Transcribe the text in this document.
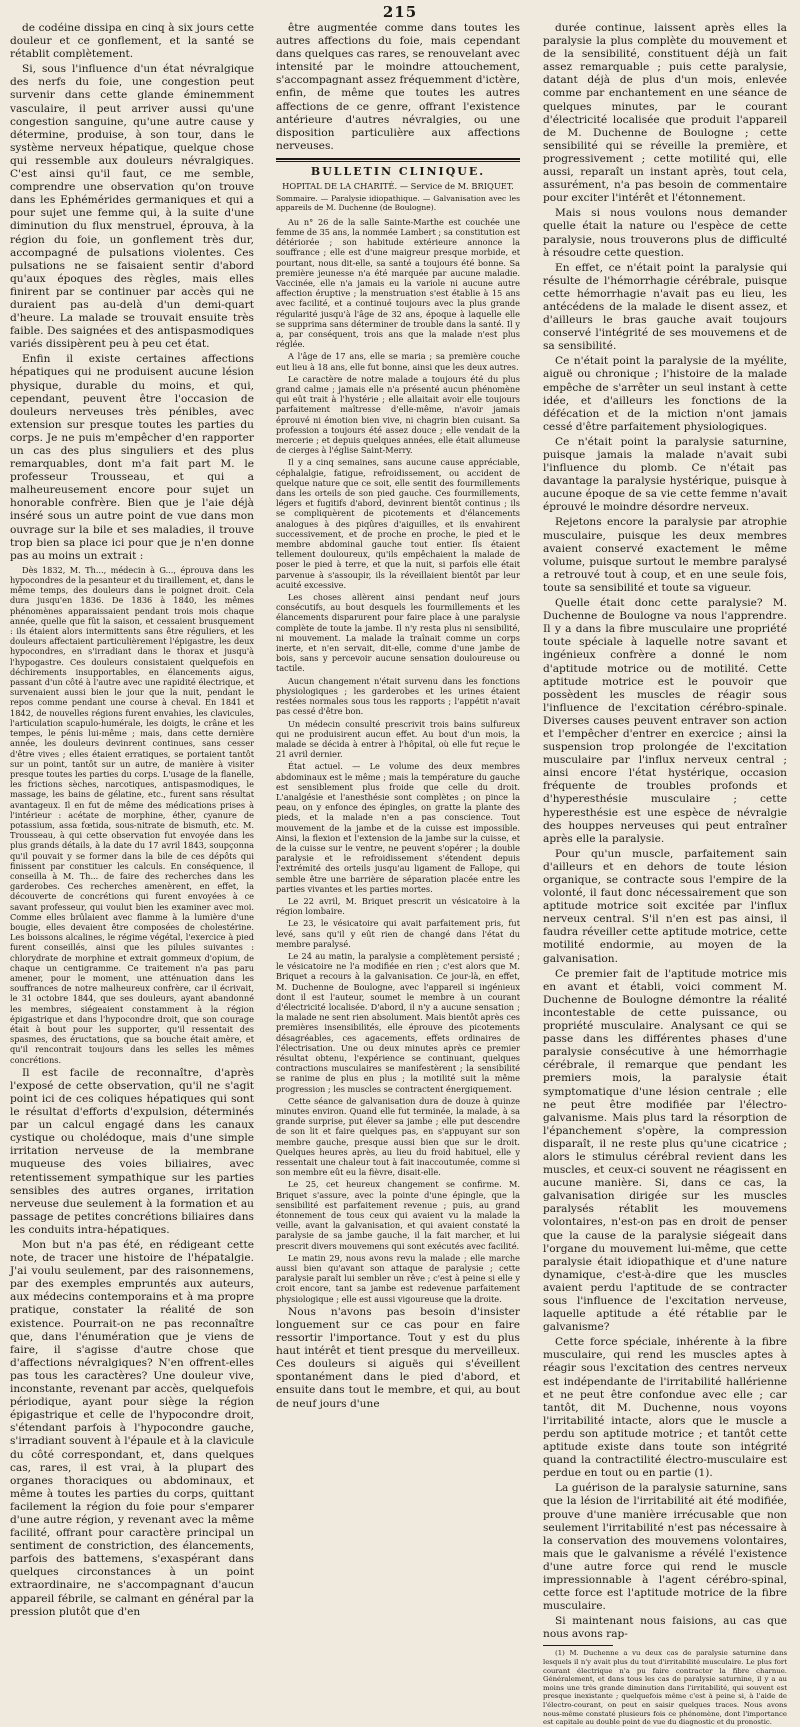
215

de codéine dissipa en cinq à six jours cette douleur et ce gonflement, et la santé se rétablit complètement.

Si, sous l'influence d'un état névralgique des nerfs du foie, une congestion peut survenir dans cette glande éminemment vasculaire, il peut arriver aussi qu'une congestion sanguine, qu'une autre cause y détermine, produise, à son tour, dans le système nerveux hépatique, quelque chose qui ressemble aux douleurs névralgiques. C'est ainsi qu'il faut, ce me semble, comprendre une observation qu'on trouve dans les Ephémérides germaniques et qui a pour sujet une femme qui, à la suite d'une diminution du flux menstruel, éprouva, à la région du foie, un gonflement très dur, accompagné de pulsations violentes. Ces pulsations ne se faisaient sentir d'abord qu'aux époques des règles, mais elles finirent par se continuer par accès qui ne duraient pas au-delà d'un demi-quart d'heure. La malade se trouvait ensuite très faible. Des saignées et des antispasmodiques variés dissipèrent peu à peu cet état.

Enfin il existe certaines affections hépatiques qui ne produisent aucune lésion physique, durable du moins, et qui, cependant, peuvent être l'occasion de douleurs nerveuses très pénibles, avec extension sur presque toutes les parties du corps. Je ne puis m'empêcher d'en rapporter un cas des plus singuliers et des plus remarquables, dont m'a fait part M. le professeur Trousseau, et qui a malheureusement encore pour sujet un honorable confrère. Bien que je l'aie déjà inséré sous un autre point de vue dans mon ouvrage sur la bile et ses maladies, il trouve trop bien sa place ici pour que je n'en donne pas au moins un extrait :

Dès 1832, M. Th..., médecin à G..., éprouva dans les hypocondres de la pesanteur et du tiraillement, et, dans le même temps, des douleurs dans le poignet droit. Cela dura jusqu'en 1836. De 1836 à 1840, les mêmes phénomènes apparaissaient pendant trois mois chaque année, quelle que fût la saison, et cessaient brusquement : ils étaient alors intermittents sans être réguliers, et les douleurs affectaient particulièrement l'épigastre, les deux hypocondres, en s'irradiant dans le thorax et jusqu'à l'hypogastre. Ces douleurs consistaient quelquefois en déchirements insupportables, en élancements aigus, passant d'un côté à l'autre avec une rapidité électrique, et survenaient aussi bien le jour que la nuit, pendant le repos comme pendant une course à cheval. En 1841 et 1842, de nouvelles régions furent envahies, les clavicules, l'articulation scapulo-humérale, les doigts, le crâne et les tempes, le pénis lui-même ; mais, dans cette dernière année, les douleurs devinrent continues, sans cesser d'être vives ; elles étaient erratiques, se portaient tantôt sur un point, tantôt sur un autre, de manière à visiter presque toutes les parties du corps. L'usage de la flanelle, les frictions sèches, narcotiques, antispasmodiques, le massage, les bains de gélatine, etc., furent sans résultat avantageux. Il en fut de même des médications prises à l'intérieur : acétate de morphine, éther, cyanure de potassium, assa fœtida, sous-nitrate de bismuth, etc. M. Trousseau, à qui cette observation fut envoyée dans les plus grands détails, à la date du 17 avril 1843, soupçonna qu'il pouvait y se former dans la bile de ces dépôts qui finissent par constituer les calculs. En conséquence, il conseilla à M. Th... de faire des recherches dans les garderobes. Ces recherches amenèrent, en effet, la découverte de concrétions qui furent envoyées à ce savant professeur, qui voulut bien les examiner avec moi. Comme elles brûlaient avec flamme à la lumière d'une bougie, elles devaient être composées de cholestérine. Les boissons alcalines, le régime végétal, l'exercice à pied furent conseillés, ainsi que les pilules suivantes : chlorydrate de morphine et extrait gommeux d'opium, de chaque un centigramme. Ce traitement n'a pas paru amener, pour le moment, une atténuation dans les souffrances de notre malheureux confrère, car il écrivait, le 31 octobre 1844, que ses douleurs, ayant abandonné les membres, siégeaient constamment à la région épigastrique et dans l'hypocondre droit, que son courage était à bout pour les supporter, qu'il ressentait des spasmes, des éructations, que sa bouche était amère, et qu'il rencontrait toujours dans les selles les mêmes concrétions.

Il est facile de reconnaître, d'après l'exposé de cette observation, qu'il ne s'agit point ici de ces coliques hépatiques qui sont le résultat d'efforts d'expulsion, déterminés par un calcul engagé dans les canaux cystique ou cholédoque, mais d'une simple irritation nerveuse de la membrane muqueuse des voies biliaires, avec retentissement sympathique sur les parties sensibles des autres organes, irritation nerveuse due seulement à la formation et au passage de petites concrétions biliaires dans les conduits intra-hépatiques.

Mon but n'a pas été, en rédigeant cette note, de tracer une histoire de l'hépatalgie. J'ai voulu seulement, par des raisonnemens, par des exemples empruntés aux auteurs, aux médecins contemporains et à ma propre pratique, constater la réalité de son existence. Pourrait-on ne pas reconnaître que, dans l'énumération que je viens de faire, il s'agisse d'autre chose que d'affections névralgiques? N'en offrent-elles pas tous les caractères? Une douleur vive, inconstante, revenant par accès, quelquefois périodique, ayant pour siège la région épigastrique et celle de l'hypocondre droit, s'étendant parfois à l'hypocondre gauche, s'irradiant souvent à l'épaule et à la clavicule du côté correspondant, et, dans quelques cas, rares, il est vrai, à la plupart des organes thoraciques ou abdominaux, et même à toutes les parties du corps, quittant facilement la région du foie pour s'emparer d'une autre région, y revenant avec la même facilité, offrant pour caractère principal un sentiment de constriction, des élancements, parfois des battemens, s'exaspérant dans quelques circonstances à un point extraordinaire, ne s'accompagnant d'aucun appareil fébrile, se calmant en général par la pression plutôt que d'en

être augmentée comme dans toutes les autres affections du foie, mais cependant dans quelques cas rares, se renouvelant avec intensité par le moindre attouchement, s'accompagnant assez fréquemment d'ictère, enfin, de même que toutes les autres affections de ce genre, offrant l'existence antérieure d'autres névralgies, ou une disposition particulière aux affections nerveuses.

BULLETIN CLINIQUE.
HOPITAL DE LA CHARITÉ. — Service de M. BRIQUET.
Sommaire. — Paralysie idiopathique. — Galvanisation avec les appareils de M. Duchenne (de Boulogne).

Au n° 26 de la salle Sainte-Marthe est couchée une femme de 35 ans, la nommée Lambert ; sa constitution est détériorée ; son habitude extérieure annonce la souffrance ; elle est d'une maigreur presque morbide, et pourtant, nous dit-elle, sa santé a toujours été bonne. Sa première jeunesse n'a été marquée par aucune maladie. Vaccinée, elle n'a jamais eu la variole ni aucune autre affection éruptive ; la menstruation s'est établie à 15 ans avec facilité, et a continué toujours avec la plus grande régularité jusqu'à l'âge de 32 ans, époque à laquelle elle se supprima sans déterminer de trouble dans la santé. Il y a, par conséquent, trois ans que la malade n'est plus réglée.

A l'âge de 17 ans, elle se maria ; sa première couche eut lieu à 18 ans, elle fut bonne, ainsi que les deux autres.

Le caractère de notre malade a toujours été du plus grand calme ; jamais elle n'a présenté aucun phénomène qui eût trait à l'hystérie ; elle allaitait avoir elle toujours parfaitement maîtresse d'elle-même, n'avoir jamais éprouvé ni émotion bien vive, ni chagrin bien cuisant. Sa profession a toujours été assez douce ; elle vendait de la mercerie ; et depuis quelques années, elle était allumeuse de cierges à l'église Saint-Merry.

Il y a cinq semaines, sans aucune cause appréciable, céphalalgie, fatigue, refroidissement, ou accident de quelque nature que ce soit, elle sentit des fourmillements dans les orteils de son pied gauche. Ces fourmillements, légers et fugitifs d'abord, devinrent bientôt continus ; ils se compliquèrent de picotements et d'élancements analogues à des piqûres d'aiguilles, et ils envahirent successivement, et de proche en proche, le pied et le membre abdominal gauche tout entier. Ils étaient tellement douloureux, qu'ils empêchaient la malade de poser le pied à terre, et que la nuit, si parfois elle était parvenue à s'assoupir, ils la réveillaient bientôt par leur acuité excessive.

Les choses allèrent ainsi pendant neuf jours consécutifs, au bout desquels les fourmillements et les élancements disparurent pour faire place à une paralysie complète de toute la jambe. Il n'y resta plus ni sensibilité, ni mouvement. La malade la traînait comme un corps inerte, et n'en servait, dit-elle, comme d'une jambe de bois, sans y percevoir aucune sensation douloureuse ou tactile.

Aucun changement n'était survenu dans les fonctions physiologiques ; les garderobes et les urines étaient restées normales sous tous les rapports ; l'appétit n'avait pas cessé d'être bon.

Un médecin consulté prescrivit trois bains sulfureux qui ne produisirent aucun effet. Au bout d'un mois, la malade se décida à entrer à l'hôpital, où elle fut reçue le 21 avril dernier.

État actuel. — Le volume des deux membres abdominaux est le même ; mais la température du gauche est sensiblement plus froide que celle du droit. L'analgésie et l'anesthésie sont complètes ; on pince la peau, on y enfonce des épingles, on gratte la plante des pieds, et la malade n'en a pas conscience. Tout mouvement de la jambe et de la cuisse est impossible. Ainsi, la flexion et l'extension de la jambe sur la cuisse, et de la cuisse sur le ventre, ne peuvent s'opérer ; la double paralysie et le refroidissement s'étendent depuis l'extrémité des orteils jusqu'au ligament de Fallope, qui semble être une barrière de séparation placée entre les parties vivantes et les parties mortes.

Le 22 avril, M. Briquet prescrit un vésicatoire à la région lombaire.

Le 23, le vésicatoire qui avait parfaitement pris, fut levé, sans qu'il y eût rien de changé dans l'état du membre paralysé.

Le 24 au matin, la paralysie a complètement persisté ; le vésicatoire ne l'a modifiée en rien ; c'est alors que M. Briquet a recours à la galvanisation. Ce jour-là, en effet, M. Duchenne de Boulogne, avec l'appareil si ingénieux dont il est l'auteur, soumet le membre à un courant d'électricité localisée. D'abord, il n'y a aucune sensation ; la malade ne sent rien absolument. Mais bientôt après ces premières insensibilités, elle éprouve des picotements désagréables, ces agacements, effets ordinaires de l'électrisation. Une ou deux minutes après ce premier résultat obtenu, l'expérience se continuant, quelques contractions musculaires se manifestèrent ; la sensibilité se ranime de plus en plus ; la motilité suit la même progression ; les muscles se contractent énergiquement.

Cette séance de galvanisation dura de douze à quinze minutes environ. Quand elle fut terminée, la malade, à sa grande surprise, put élever sa jambe ; elle put descendre de son lit et faire quelques pas, en s'appuyant sur son membre gauche, presque aussi bien que sur le droit. Quelques heures après, au lieu du froid habituel, elle y ressentait une chaleur tout à fait inaccoutumée, comme si son membre eût eu la fièvre, disait-elle.

Le 25, cet heureux changement se confirme. M. Briquet s'assure, avec la pointe d'une épingle, que la sensibilité est parfaitement revenue ; puis, au grand étonnement de tous ceux qui avaient vu la malade la veille, avant la galvanisation, et qui avaient constaté la paralysie de sa jambe gauche, il la fait marcher, et lui prescrit divers mouvemens qui sont exécutés avec facilité.

Le matin 29, nous avons revu la malade ; elle marche aussi bien qu'avant son attaque de paralysie ; cette paralysie paraît lui sembler un rêve ; c'est à peine si elle y croit encore, tant sa jambe est redevenue parfaitement physiologique ; elle est aussi vigoureuse que la droite.

Nous n'avons pas besoin d'insister longuement sur ce cas pour en faire ressortir l'importance. Tout y est du plus haut intérêt et tient presque du merveilleux. Ces douleurs si aiguës qui s'éveillent spontanément dans le pied d'abord, et ensuite dans tout le membre, et qui, au bout de neuf jours d'une

durée continue, laissent après elles la paralysie la plus complète du mouvement et de la sensibilité, constituent déjà un fait assez remarquable ; puis cette paralysie, datant déjà de plus d'un mois, enlevée comme par enchantement en une séance de quelques minutes, par le courant d'électricité localisée que produit l'appareil de M. Duchenne de Boulogne ; cette sensibilité qui se réveille la première, et progressivement ; cette motilité qui, elle aussi, reparaît un instant après, tout cela, assurément, n'a pas besoin de commentaire pour exciter l'intérêt et l'étonnement.

Mais si nous voulons nous demander quelle était la nature ou l'espèce de cette paralysie, nous trouverons plus de difficulté à résoudre cette question.

En effet, ce n'était point la paralysie qui résulte de l'hémorrhagie cérébrale, puisque cette hémorrhagie n'avait pas eu lieu, les antécédens de la malade le disent assez, et d'ailleurs le bras gauche avait toujours conservé l'intégrité de ses mouvemens et de sa sensibilité.

Ce n'était point la paralysie de la myélite, aiguë ou chronique ; l'histoire de la malade empêche de s'arrêter un seul instant à cette idée, et d'ailleurs les fonctions de la défécation et de la miction n'ont jamais cessé d'être parfaitement physiologiques.

Ce n'était point la paralysie saturnine, puisque jamais la malade n'avait subi l'influence du plomb. Ce n'était pas davantage la paralysie hystérique, puisque à aucune époque de sa vie cette femme n'avait éprouvé le moindre désordre nerveux.

Rejetons encore la paralysie par atrophie musculaire, puisque les deux membres avaient conservé exactement le même volume, puisque surtout le membre paralysé a retrouvé tout à coup, et en une seule fois, toute sa sensibilité et toute sa vigueur.

Quelle était donc cette paralysie? M. Duchenne de Boulogne va nous l'apprendre. Il y a dans la fibre musculaire une propriété toute spéciale à laquelle notre savant et ingénieux confrère a donné le nom d'aptitude motrice ou de motilité. Cette aptitude motrice est le pouvoir que possèdent les muscles de réagir sous l'influence de l'excitation cérébro-spinale. Diverses causes peuvent entraver son action et l'empêcher d'entrer en exercice ; ainsi la suspension trop prolongée de l'excitation musculaire par l'influx nerveux central ; ainsi encore l'état hystérique, occasion fréquente de troubles profonds et d'hyperesthésie musculaire ; cette hyperesthésie est une espèce de névralgie des houppes nerveuses qui peut entraîner après elle la paralysie.

Pour qu'un muscle, parfaitement sain d'ailleurs et en dehors de toute lésion organique, se contracte sous l'empire de la volonté, il faut donc nécessairement que son aptitude motrice soit excitée par l'influx nerveux central. S'il n'en est pas ainsi, il faudra réveiller cette aptitude motrice, cette motilité endormie, au moyen de la galvanisation.

Ce premier fait de l'aptitude motrice mis en avant et établi, voici comment M. Duchenne de Boulogne démontre la réalité incontestable de cette puissance, ou propriété musculaire. Analysant ce qui se passe dans les différentes phases d'une paralysie consécutive à une hémorrhagie cérébrale, il remarque que pendant les premiers mois, la paralysie était symptomatique d'une lésion centrale ; elle ne peut être modifiée par l'électro-galvanisme. Mais plus tard la résorption de l'épanchement s'opère, la compression disparaît, il ne reste plus qu'une cicatrice ; alors le stimulus cérébral revient dans les muscles, et ceux-ci souvent ne réagissent en aucune manière. Si, dans ce cas, la galvanisation dirigée sur les muscles paralysés rétablit les mouvemens volontaires, n'est-on pas en droit de penser que la cause de la paralysie siégeait dans l'organe du mouvement lui-même, que cette paralysie était idiopathique et d'une nature dynamique, c'est-à-dire que les muscles avaient perdu l'aptitude de se contracter sous l'influence de l'excitation nerveuse, laquelle aptitude a été rétablie par le galvanisme?

Cette force spéciale, inhérente à la fibre musculaire, qui rend les muscles aptes à réagir sous l'excitation des centres nerveux est indépendante de l'irritabilité hallérienne et ne peut être confondue avec elle ; car tantôt, dit M. Duchenne, nous voyons l'irritabilité intacte, alors que le muscle a perdu son aptitude motrice ; et tantôt cette aptitude existe dans toute son intégrité quand la contractilité électro-musculaire est perdue en tout ou en partie (1).

La guérison de la paralysie saturnine, sans que la lésion de l'irritabilité ait été modifiée, prouve d'une manière irrécusable que non seulement l'irritabilité n'est pas nécessaire à la conservation des mouvemens volontaires, mais que le galvanisme a révélé l'existence d'une autre force qui rend le muscle impressionnable à l'agent cérébro-spinal, cette force est l'aptitude motrice de la fibre musculaire.

Si maintenant nous faisions, au cas que nous avons rap-

(1) M. Duchenne a vu deux cas de paralysie saturnine dans lesquels il n'y avait plus du tout d'irritabilité musculaire. Le plus fort courant électrique n'a pu faire contracter la fibre charnue. Généralement, et dans tous les cas de paralysie saturnine, il y a au moins une très grande diminution dans l'irritabilité, qui souvent est presque inexistante ; quelquefois même c'est à peine si, à l'aide de l'électro-courant, on peut en saisir quelques traces. Nous avons nous-même constaté plusieurs fois ce phénomène, dont l'importance est capitale au double point de vue du diagnostic et du pronostic.
